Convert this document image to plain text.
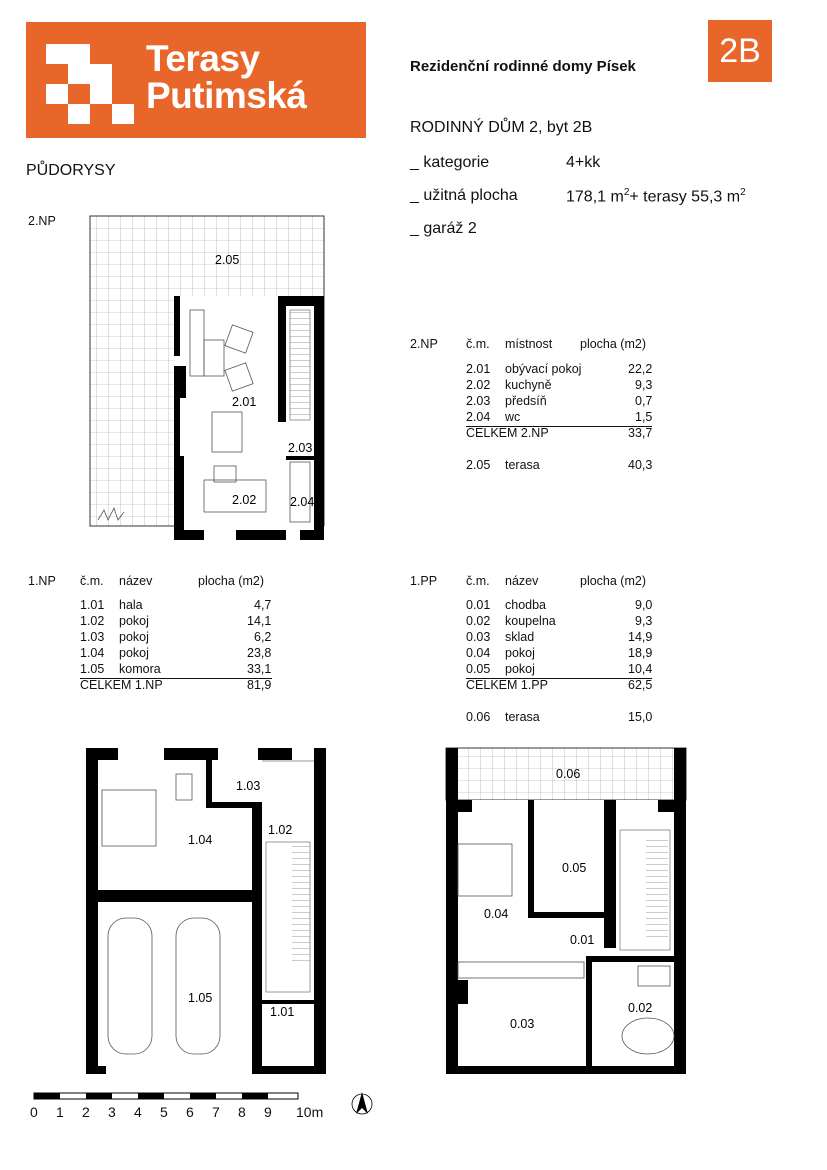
Terasy
Putimská
2B
Rezidenční rodinné domy Písek
PŮDORYSY
RODINNÝ DŮM 2, byt 2B
_ kategorie	4+kk
_ užitná plocha	178,1 $m^2+$ terasy 55,3 $m^2$
_ garáž 2
2.NP
1.NP
2.NP č.m. místnost plocha (m2)
2.01 obývací pokoj	22,2
2.02 kuchyně	9,3
2.03 předsíň	0,7
2.04 wc	1,5
CELKEM 2.NP	33,7
2.05 terasa	40,3
č.m. název	plocha (m2)
1.01 hala	4,7
1.02 pokoj	14,1
1.03 pokoj	6,2
1.04 pokoj	23,8
1.05 komora	33,1
CELKEM 1.NP	81,9
1.PP č.m. název	plocha (m2)
0.01 chodba	9,0
0.02 koupelna	9,3
0.03 sklad	14,9
0.04 pokoj	18,9
0.05 pokoj	10,4
CELKEM 1.PP	62,5
0.06 terasa	15,0
2.05
2.01
2.02
2.03
2.04
1.03
1.04
1.02
1.05
1.01
0.06
0.05
0.04
0.01
0.03
0.02
0 1 2 3 4 5 6 7 8 9 10m
